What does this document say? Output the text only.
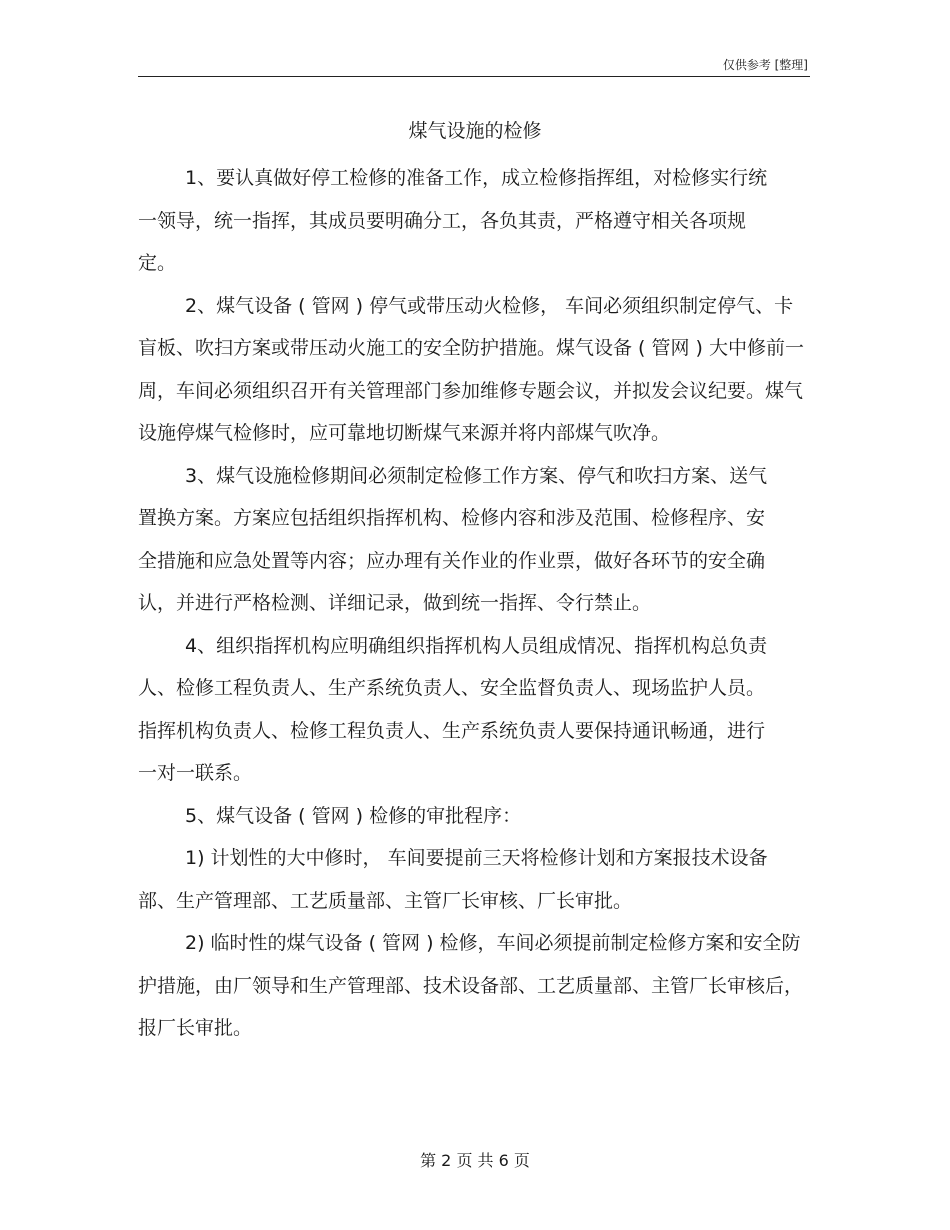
仅供参考 [整理]
煤气设施的检修

1、要认真做好停工检修的准备工作，成立检修指挥组，对检修实行统一领导，统一指挥，其成员要明确分工，各负其责，严格遵守相关各项规定。

2、煤气设备 ( 管网 ) 停气或带压动火检修， 车间必须组织制定停气、卡盲板、吹扫方案或带压动火施工的安全防护措施。煤气设备 ( 管网 ) 大中修前一周，车间必须组织召开有关管理部门参加维修专题会议，并拟发会议纪要。煤气设施停煤气检修时，应可靠地切断煤气来源并将内部煤气吹净。

3、煤气设施检修期间必须制定检修工作方案、停气和吹扫方案、送气置换方案。方案应包括组织指挥机构、检修内容和涉及范围、检修程序、安全措施和应急处置等内容；应办理有关作业的作业票，做好各环节的安全确认，并进行严格检测、详细记录，做到统一指挥、令行禁止。

4、组织指挥机构应明确组织指挥机构人员组成情况、指挥机构总负责人、检修工程负责人、生产系统负责人、安全监督负责人、现场监护人员。指挥机构负责人、检修工程负责人、生产系统负责人要保持通讯畅通，进行一对一联系。

5、煤气设备 ( 管网 ) 检修的审批程序：

1) 计划性的大中修时， 车间要提前三天将检修计划和方案报技术设备部、生产管理部、工艺质量部、主管厂长审核、厂长审批。

2) 临时性的煤气设备 ( 管网 ) 检修，车间必须提前制定检修方案和安全防护措施，由厂领导和生产管理部、技术设备部、工艺质量部、主管厂长审核后，报厂长审批。

第 2 页 共 6 页
